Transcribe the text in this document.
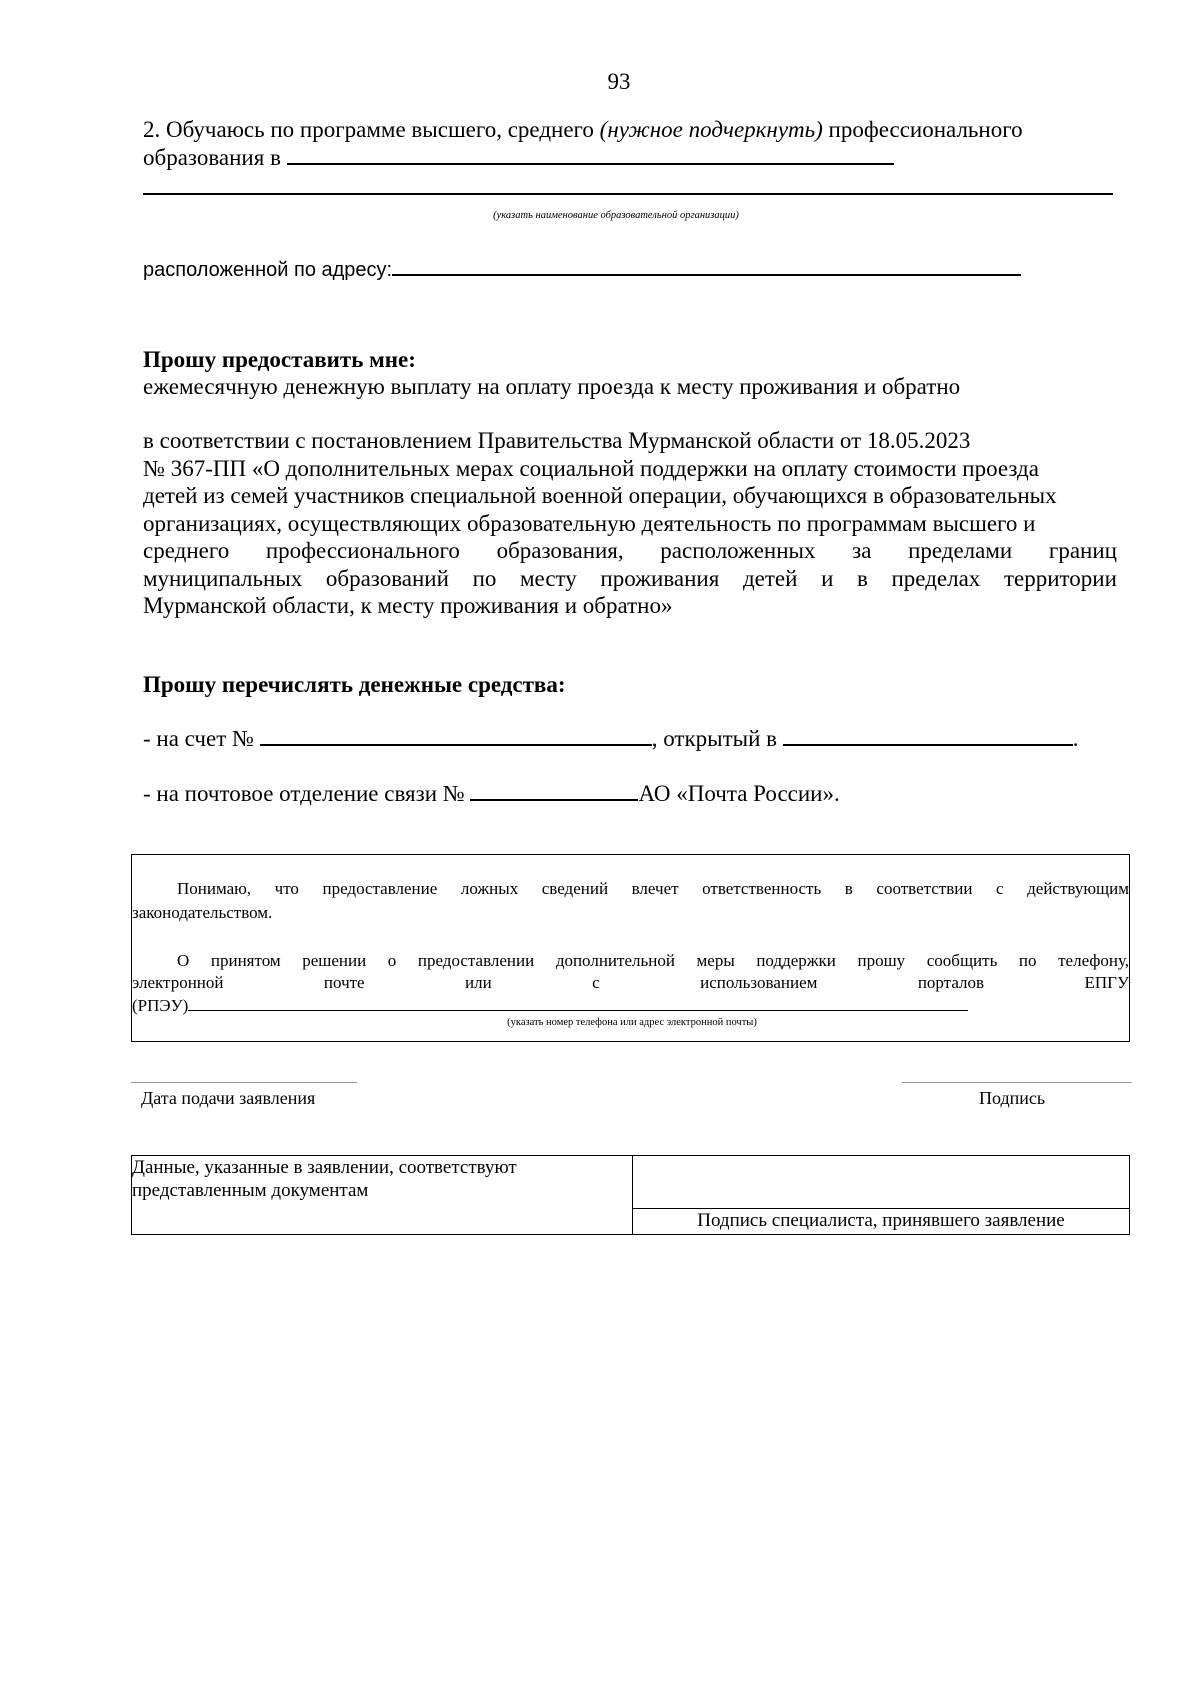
93
2. Обучаюсь по программе высшего, среднего (нужное подчеркнуть) профессионального
образования в
(указать наименование образовательной организации)
расположенной по адресу:
Прошу предоставить мне:
ежемесячную денежную выплату на оплату проезда к месту проживания и обратно
в соответствии с постановлением Правительства Мурманской области от 18.05.2023
№ 367-ПП «О дополнительных мерах социальной поддержки на оплату стоимости проезда
детей из семей участников специальной военной операции, обучающихся в образовательных
организациях, осуществляющих образовательную деятельность по программам высшего и
среднего профессионального образования, расположенных за пределами границ
муниципальных образований по месту проживания детей и в пределах территории
Мурманской области, к месту проживания и обратно»
Прошу перечислять денежные средства:
- на счет №	, открытый в	.
- на почтовое отделение связи №	АО «Почта России».
Понимаю, что предоставление ложных сведений влечет ответственность в соответствии с действующим
законодательством.
О принятом решении о предоставлении дополнительной меры поддержки прошу сообщить по телефону,
электронной	почте	или	с	использованием	порталов	ЕПГУ
(РПЭУ)
(указать номер телефона или адрес электронной почты)
Дата подачи заявления	Подпись
Данные, указанные в заявлении, соответствуют представленным документам	
Подпись специалиста, принявшего заявление
